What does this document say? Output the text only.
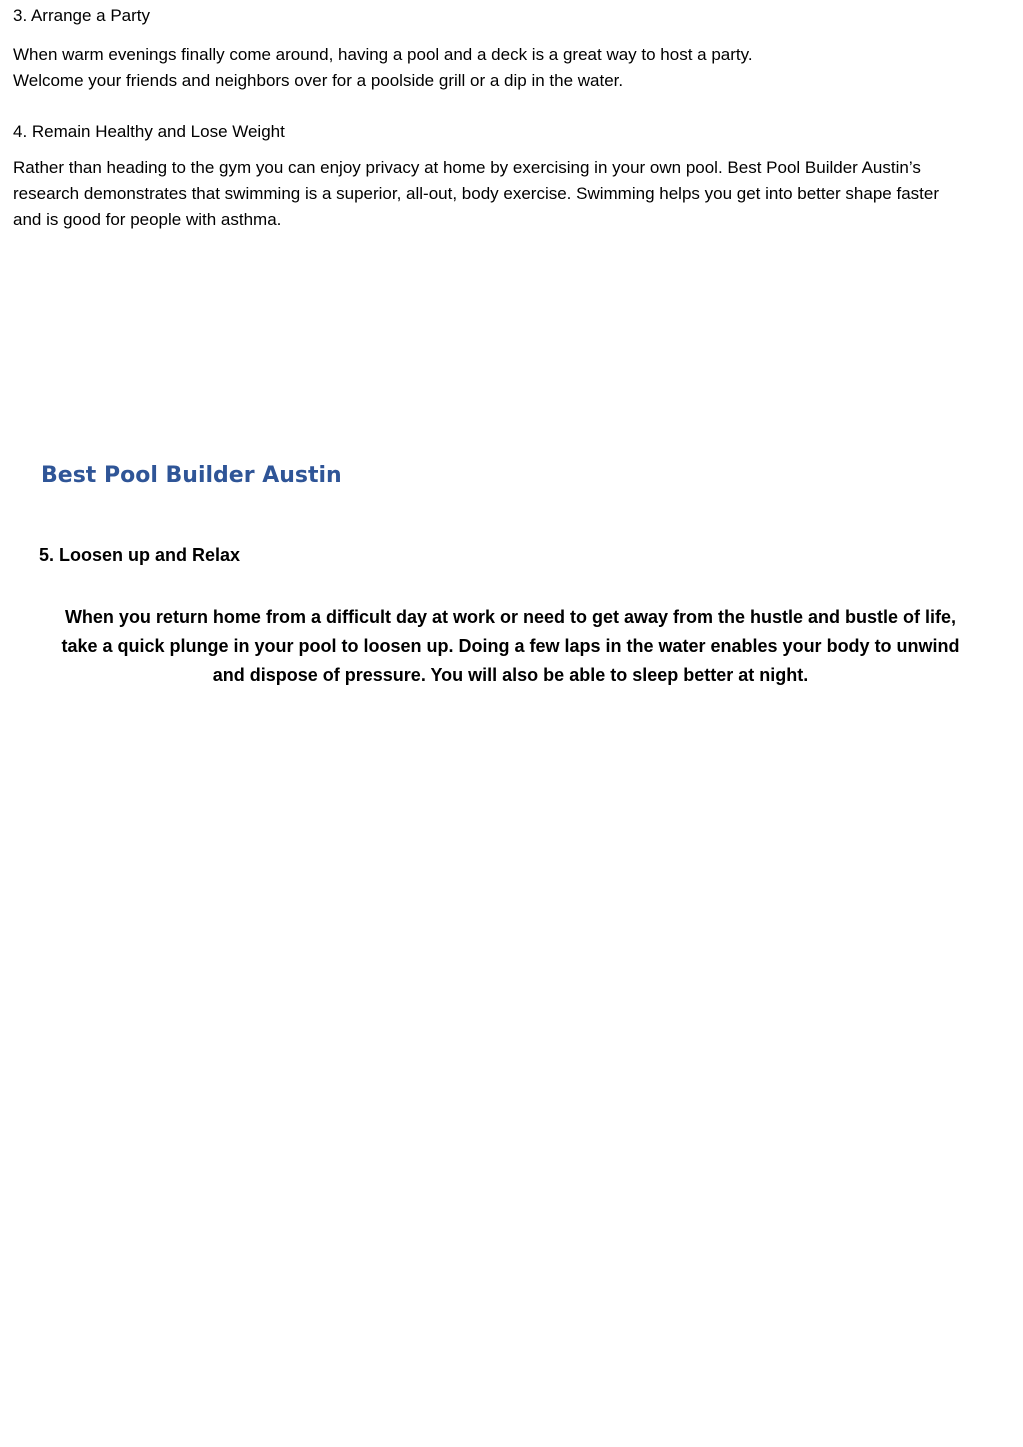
3. Arrange a Party

When warm evenings finally come around, having a pool and a deck is a great way to host a party.
Welcome your friends and neighbors over for a poolside grill or a dip in the water.

4. Remain Healthy and Lose Weight

Rather than heading to the gym you can enjoy privacy at home by exercising in your own pool. Best Pool Builder Austin’s
research demonstrates that swimming is a superior, all-out, body exercise. Swimming helps you get into better shape faster
and is good for people with asthma.

Best Pool Builder Austin
5. Loosen up and Relax

When you return home from a difficult day at work or need to get away from the hustle and bustle of life,
take a quick plunge in your pool to loosen up. Doing a few laps in the water enables your body to unwind
and dispose of pressure. You will also be able to sleep better at night.
